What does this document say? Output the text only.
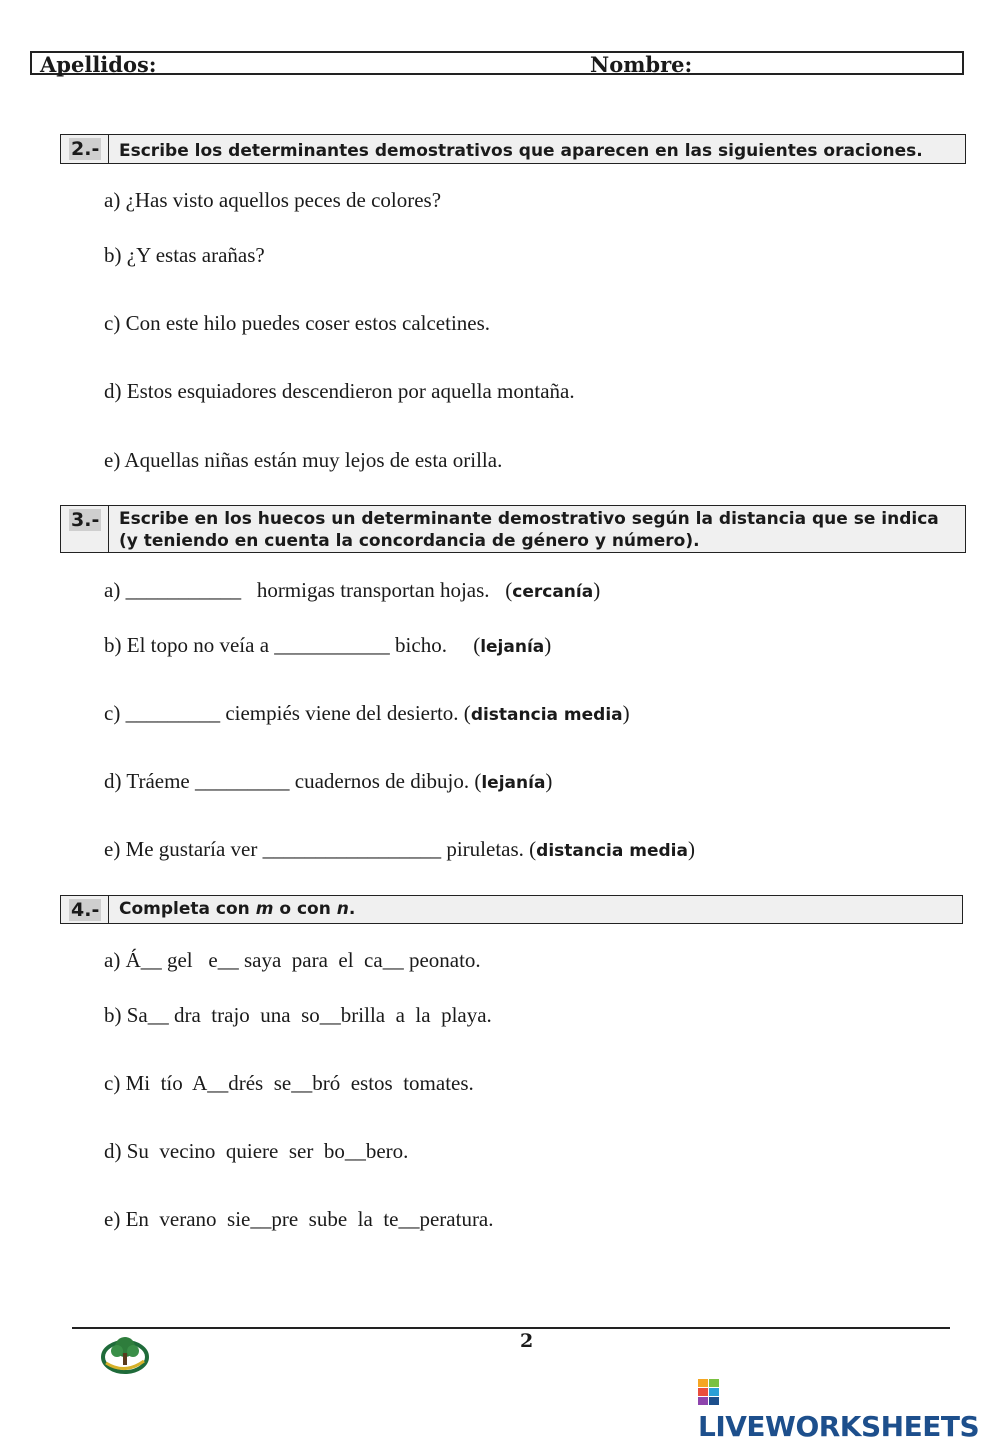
Apellidos:	Nombre:
2.- Escribe los determinantes demostrativos que aparecen en las siguientes oraciones.
a) ¿Has visto aquellos peces de colores?
b) ¿Y estas arañas?
c) Con este hilo puedes coser estos calcetines.
d) Estos esquiadores descendieron por aquella montaña.
e) Aquellas niñas están muy lejos de esta orilla.
3.- Escribe en los huecos un determinante demostrativo según la distancia que se indica (y teniendo en cuenta la concordancia de género y número).
a) ___________   hormigas transportan hojas.   (cercanía)
b) El topo no veía a ___________ bicho.     (lejanía)
c) _________ ciempiés viene del desierto. (distancia media)
d) Tráeme _________ cuadernos de dibujo. (lejanía)
e) Me gustaría ver _________________ piruletas. (distancia media)
4.- Completa con m o con n.
a) Á__ gel   e__ saya  para  el  ca__ peonato.
b) Sa__ dra  trajo  una  so__brilla  a  la  playa.
c) Mi  tío  A__drés  se__bró  estos  tomates.
d) Su  vecino  quiere  ser  bo__bero.
e) En  verano  sie__pre  sube  la  te__peratura.
2
LIVEWORKSHEETS
